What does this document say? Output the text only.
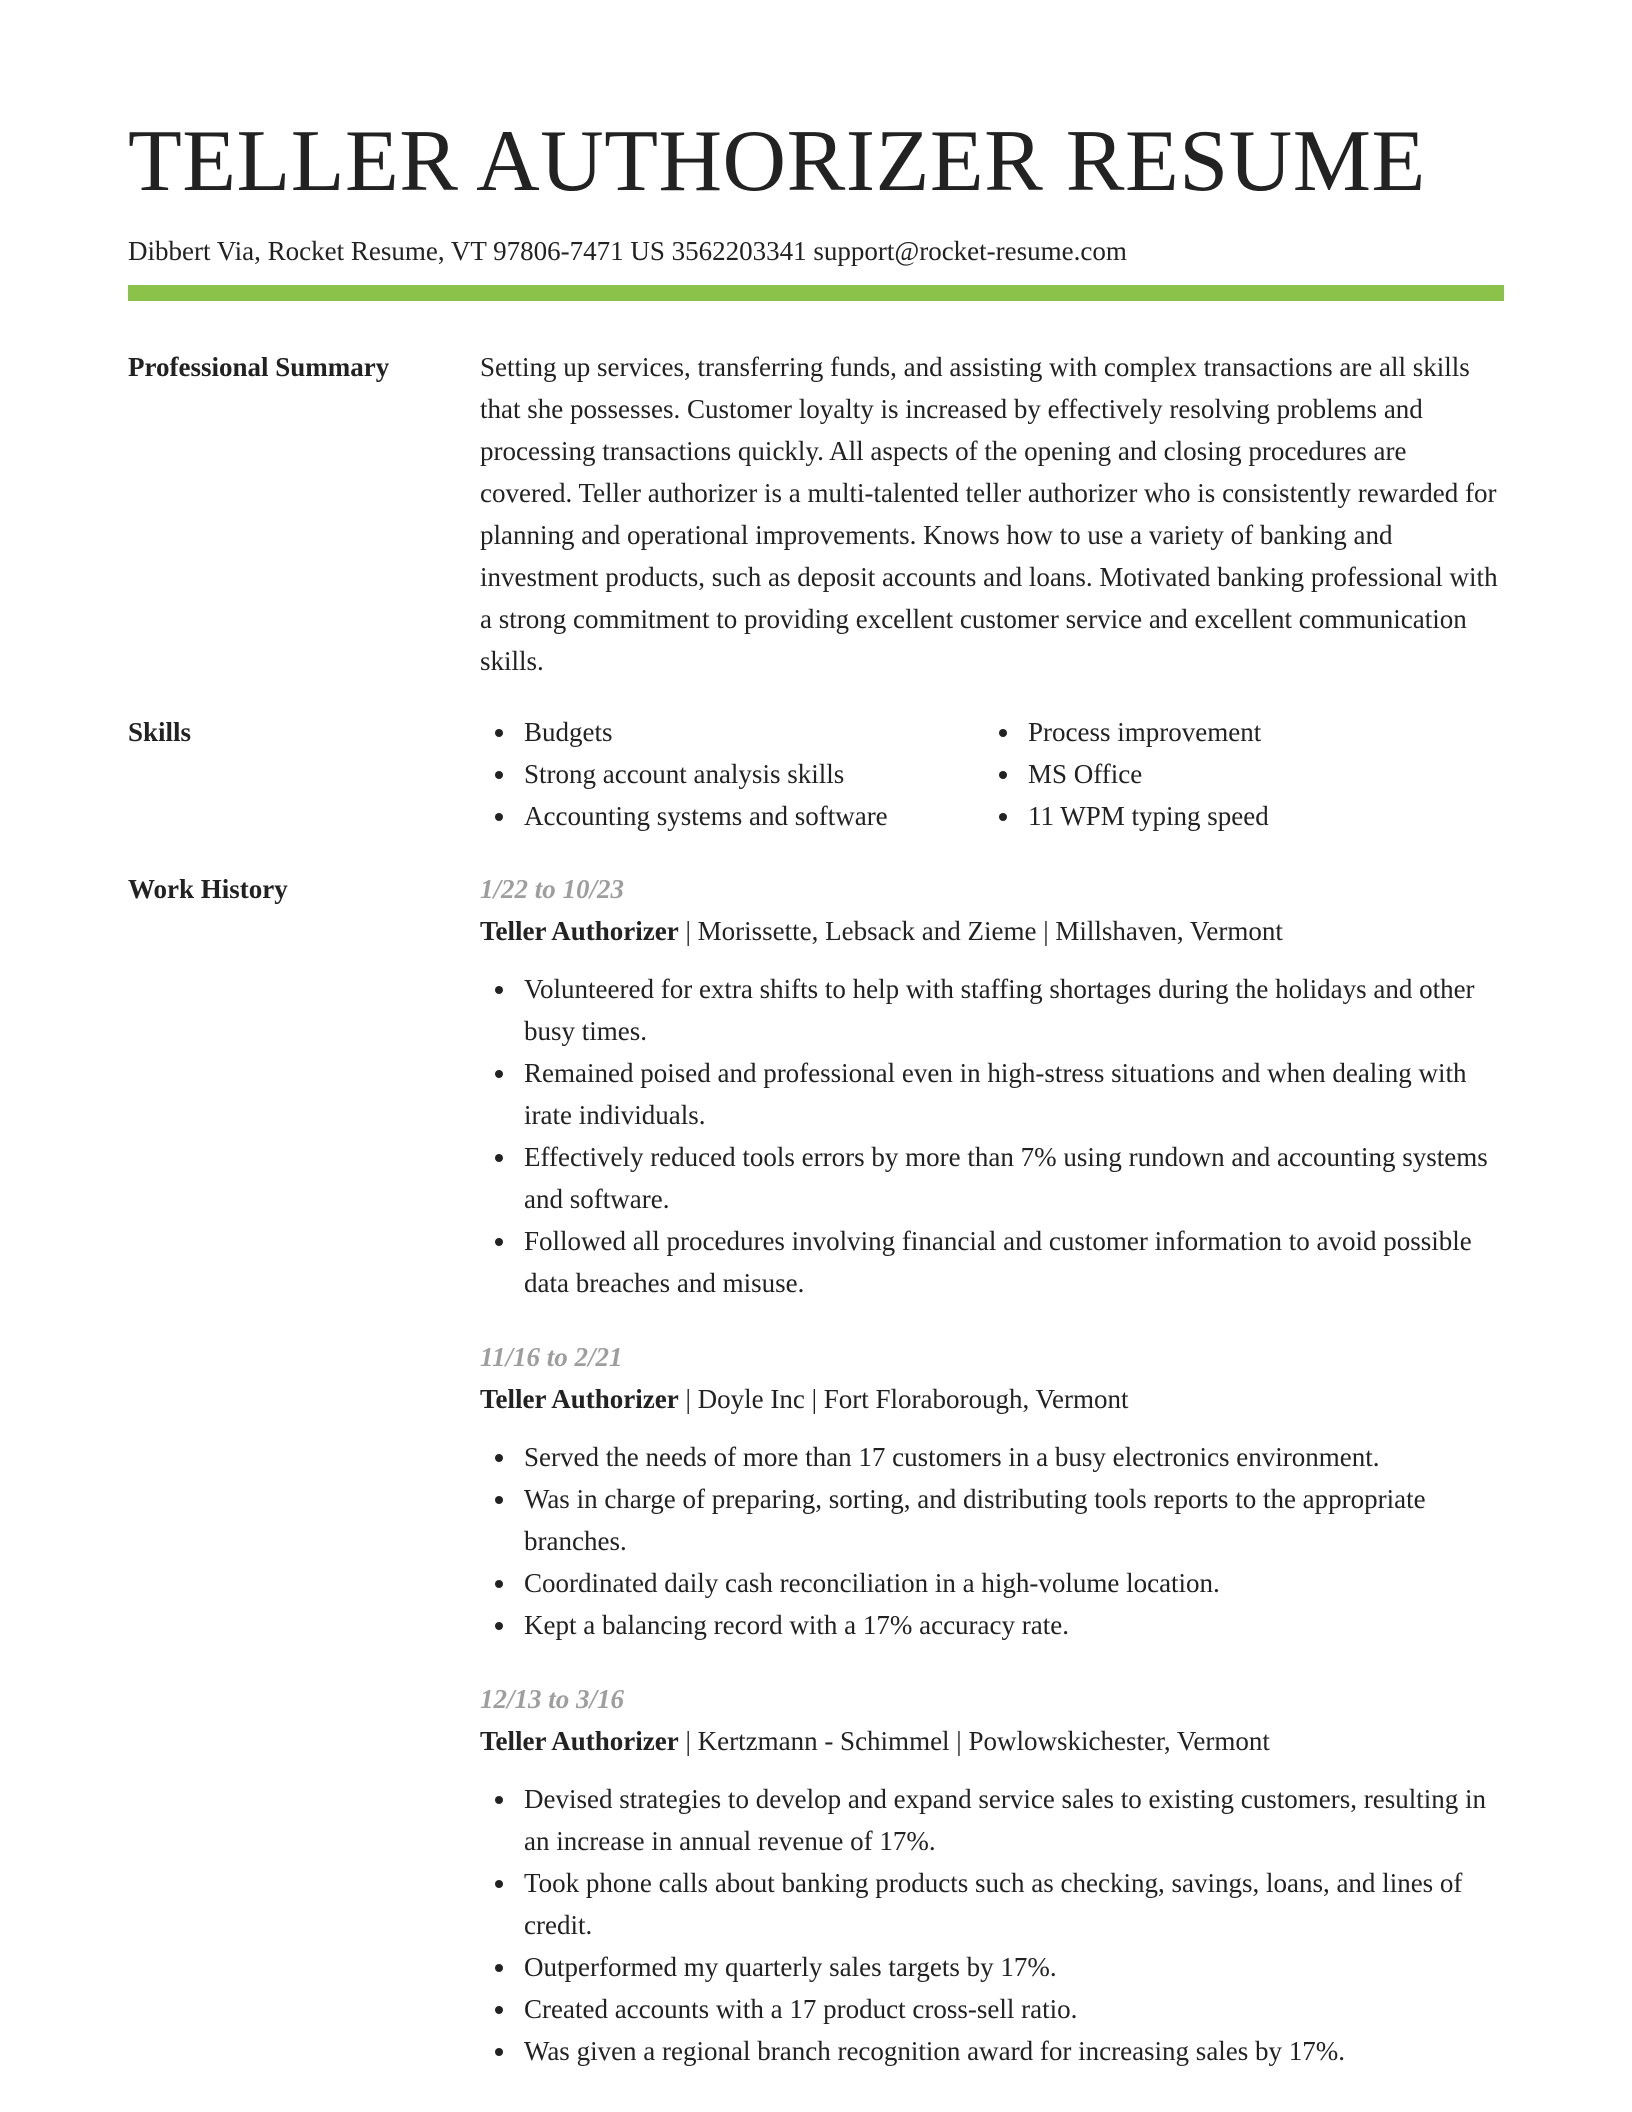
TELLER AUTHORIZER RESUME
Dibbert Via, Rocket Resume, VT 97806-7471 US 3562203341 support@rocket-resume.com
Professional Summary	Setting up services, transferring funds, and assisting with complex transactions are all skills that she possesses. Customer loyalty is increased by effectively resolving problems and processing transactions quickly. All aspects of the opening and closing procedures are covered. Teller authorizer is a multi-talented teller authorizer who is consistently rewarded for planning and operational improvements. Knows how to use a variety of banking and investment products, such as deposit accounts and loans. Motivated banking professional with a strong commitment to providing excellent customer service and excellent communication skills.

Skills	Budgets
Strong account analysis skills
Accounting systems and software
Process improvement
MS Office
11 WPM typing speed
Work History	1/22 to 10/23
Teller Authorizer | Morissette, Lebsack and Zieme | Millshaven, Vermont
Volunteered for extra shifts to help with staffing shortages during the holidays and other busy times.
Remained poised and professional even in high-stress situations and when dealing with irate individuals.
Effectively reduced tools errors by more than 7% using rundown and accounting systems and software.
Followed all procedures involving financial and customer information to avoid possible data breaches and misuse.
11/16 to 2/21
Teller Authorizer | Doyle Inc | Fort Floraborough, Vermont
Served the needs of more than 17 customers in a busy electronics environment.
Was in charge of preparing, sorting, and distributing tools reports to the appropriate branches.
Coordinated daily cash reconciliation in a high-volume location.
Kept a balancing record with a 17% accuracy rate.
12/13 to 3/16
Teller Authorizer | Kertzmann - Schimmel | Powlowskichester, Vermont
Devised strategies to develop and expand service sales to existing customers, resulting in an increase in annual revenue of 17%.
Took phone calls about banking products such as checking, savings, loans, and lines of credit.
Outperformed my quarterly sales targets by 17%.
Created accounts with a 17 product cross-sell ratio.
Was given a regional branch recognition award for increasing sales by 17%.
